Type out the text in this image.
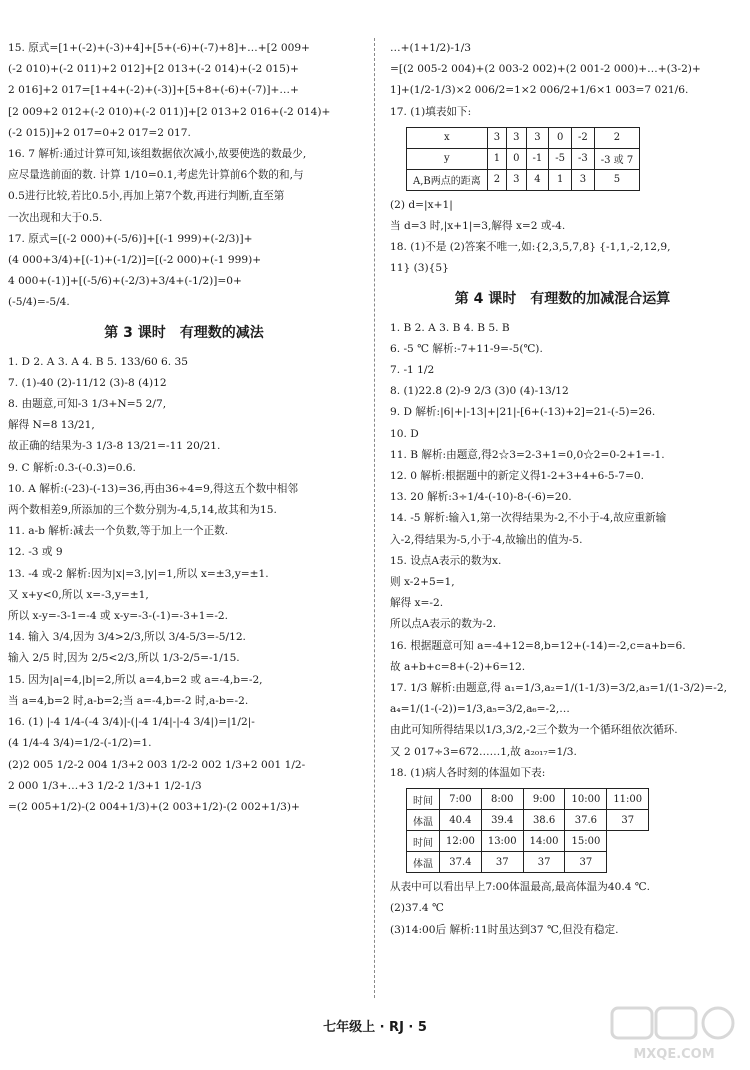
15. 原式=[1+(-2)+(-3)+4]+[5+(-6)+(-7)+8]+…+[2 009+
(-2 010)+(-2 011)+2 012]+[2 013+(-2 014)+(-2 015)+
2 016]+2 017=[1+4+(-2)+(-3)]+[5+8+(-6)+(-7)]+…+
[2 009+2 012+(-2 010)+(-2 011)]+[2 013+2 016+(-2 014)+
(-2 015)]+2 017=0+2 017=2 017.
16. 7 解析:通过计算可知,该组数据依次减小,故要使选的数最少,
应尽量选前面的数. 计算 1/10=0.1,考虑先计算前6个数的和,与
0.5进行比较,若比0.5小,再加上第7个数,再进行判断,直至第
一次出现和大于0.5.
17. 原式=[(-2 000)+(-5/6)]+[(-1 999)+(-2/3)]+
(4 000+3/4)+[(-1)+(-1/2)]=[(-2 000)+(-1 999)+
4 000+(-1)]+[(-5/6)+(-2/3)+3/4+(-1/2)]=0+
(-5/4)=-5/4.
第 3 课时　有理数的减法
1. D 2. A 3. A 4. B 5. 133/60 6. 35
7. (1)-40 (2)-11/12 (3)-8 (4)12
8. 由题意,可知-3 1/3+N=5 2/7,
解得 N=8 13/21,
故正确的结果为-3 1/3-8 13/21=-11 20/21.
9. C 解析:0.3-(-0.3)=0.6.
10. A 解析:(-23)-(-13)=36,再由36÷4=9,得这五个数中相邻
两个数相差9,所添加的三个数分别为-4,5,14,故其和为15.
11. a-b 解析:减去一个负数,等于加上一个正数.
12. -3 或 9
13. -4 或-2 解析:因为|x|=3,|y|=1,所以 x=±3,y=±1.
又 x+y<0,所以 x=-3,y=±1,
所以 x-y=-3-1=-4 或 x-y=-3-(-1)=-3+1=-2.
14. 输入 3/4,因为 3/4>2/3,所以 3/4-5/3=-5/12.
输入 2/5 时,因为 2/5<2/3,所以 1/3-2/5=-1/15.
15. 因为|a|=4,|b|=2,所以 a=4,b=2 或 a=-4,b=-2,
当 a=4,b=2 时,a-b=2;当 a=-4,b=-2 时,a-b=-2.
16. (1) |-4 1/4-(-4 3/4)|-(|-4 1/4|-|-4 3/4|)=|1/2|-
(4 1/4-4 3/4)=1/2-(-1/2)=1.
(2)2 005 1/2-2 004 1/3+2 003 1/2-2 002 1/3+2 001 1/2-
2 000 1/3+…+3 1/2-2 1/3+1 1/2-1/3
=(2 005+1/2)-(2 004+1/3)+(2 003+1/2)-(2 002+1/3)+
…+(1+1/2)-1/3
=[(2 005-2 004)+(2 003-2 002)+(2 001-2 000)+…+(3-2)+
1]+(1/2-1/3)×2 006/2=1×2 006/2+1/6×1 003=7 021/6.
17. (1)填表如下:
x	3	3	3	0	-2	2
y	1	0	-1	-5	-3	-3 或 7
A,B两点的距离	2	3	4	1	3	5
(2) d=|x+1|
当 d=3 时,|x+1|=3,解得 x=2 或-4.
18. (1)不是 (2)答案不唯一,如:{2,3,5,7,8} {-1,1,-2,12,9,
11} (3){5}
第 4 课时　有理数的加减混合运算
1. B 2. A 3. B 4. B 5. B
6. -5 ℃ 解析:-7+11-9=-5(℃).
7. -1 1/2
8. (1)22.8 (2)-9 2/3 (3)0 (4)-13/12
9. D 解析:|6|+|-13|+|21|-[6+(-13)+2]=21-(-5)=26.
10. D
11. B 解析:由题意,得2☆3=2-3+1=0,0☆2=0-2+1=-1.
12. 0 解析:根据题中的新定义得1-2+3+4+6-5-7=0.
13. 20 解析:3÷1/4-(-10)-8-(-6)=20.
14. -5 解析:输入1,第一次得结果为-2,不小于-4,故应重新输
入-2,得结果为-5,小于-4,故输出的值为-5.
15. 设点A表示的数为x.
则 x-2+5=1,
解得 x=-2.
所以点A表示的数为-2.
16. 根据题意可知 a=-4+12=8,b=12+(-14)=-2,c=a+b=6.
故 a+b+c=8+(-2)+6=12.
17. 1/3 解析:由题意,得 a₁=1/3,a₂=1/(1-1/3)=3/2,a₃=1/(1-3/2)=-2,
a₄=1/(1-(-2))=1/3,a₅=3/2,a₆=-2,…
由此可知所得结果以1/3,3/2,-2三个数为一个循环组依次循环.
又 2 017÷3=672……1,故 a₂₀₁₇=1/3.
18. (1)病人各时刻的体温如下表:
时间	7:00	8:00	9:00	10:00	11:00
体温	40.4	39.4	38.6	37.6	37
时间	12:00	13:00	14:00	15:00	
体温	37.4	37	37	37	
从表中可以看出早上7:00体温最高,最高体温为40.4 ℃.
(2)37.4 ℃
(3)14:00后 解析:11时虽达到37 ℃,但没有稳定.
七年级上 · RJ · 5
MXQE.COM
